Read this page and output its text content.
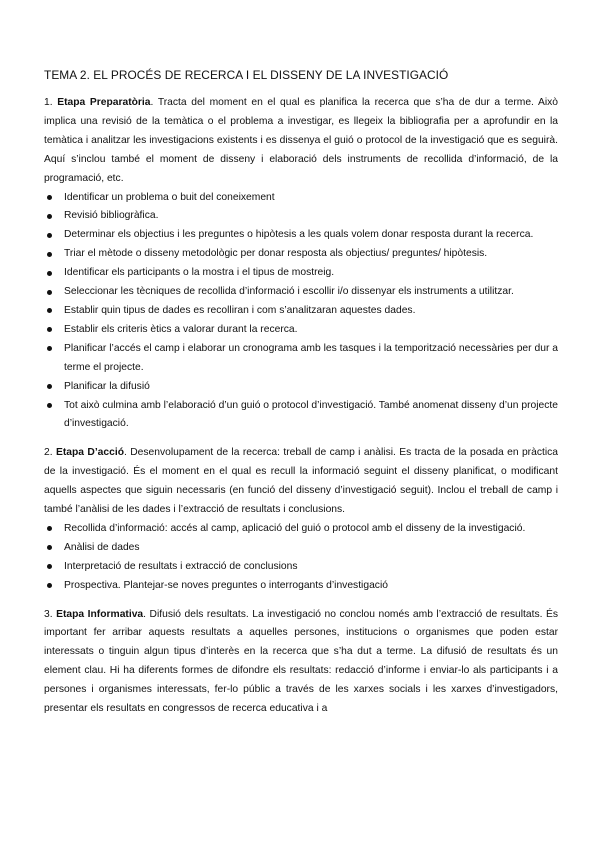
TEMA 2. EL PROCÉS DE RECERCA I EL DISSENY DE LA INVESTIGACIÓ

1. Etapa Preparatòria. Tracta del moment en el qual es planifica la recerca que s’ha de dur a terme. Això implica una revisió de la temàtica o el problema a investigar, es llegeix la bibliografia per a aprofundir en la temàtica i analitzar les investigacions existents i es dissenya el guió o protocol de la investigació que es seguirà. Aquí s’inclou també el moment de disseny i elaboració dels instruments de recollida d’informació, de la programació, etc.

Identificar un problema o buit del coneixement
Revisió bibliogràfica.
Determinar els objectius i les preguntes o hipòtesis a les quals volem donar resposta durant la recerca.
Triar el mètode o disseny metodològic per donar resposta als objectius/ preguntes/ hipòtesis.
Identificar els participants o la mostra i el tipus de mostreig.
Seleccionar les tècniques de recollida d’informació i escollir i/o dissenyar els instruments a utilitzar.
Establir quin tipus de dades es recolliran i com s’analitzaran aquestes dades.
Establir els criteris ètics a valorar durant la recerca.
Planificar l’accés el camp i elaborar un cronograma amb les tasques i la temporització necessàries per dur a terme el projecte.
Planificar la difusió
Tot això culmina amb l’elaboració d’un guió o protocol d’investigació. També anomenat disseny d’un projecte d’investigació.

2. Etapa D’acció. Desenvolupament de la recerca: treball de camp i anàlisi. Es tracta de la posada en pràctica de la investigació. És el moment en el qual es recull la informació seguint el disseny planificat, o modificant aquells aspectes que siguin necessaris (en funció del disseny d’investigació seguit). Inclou el treball de camp i també l’anàlisi de les dades i l’extracció de resultats i conclusions.

Recollida d’informació: accés al camp, aplicació del guió o protocol amb el disseny de la investigació.
Anàlisi de dades
Interpretació de resultats i extracció de conclusions
Prospectiva. Plantejar-se noves preguntes o interrogants d’investigació

3. Etapa Informativa. Difusió dels resultats. La investigació no conclou només amb l’extracció de resultats. És important fer arribar aquests resultats a aquelles persones, institucions o organismes que poden estar interessats o tinguin algun tipus d’interès en la recerca que s’ha dut a terme. La difusió de resultats és un element clau. Hi ha diferents formes de difondre els resultats: redacció d’informe i enviar-lo als participants i a persones i organismes interessats, fer-lo públic a través de les xarxes socials i les xarxes d’investigadors, presentar els resultats en congressos de recerca educativa i a
